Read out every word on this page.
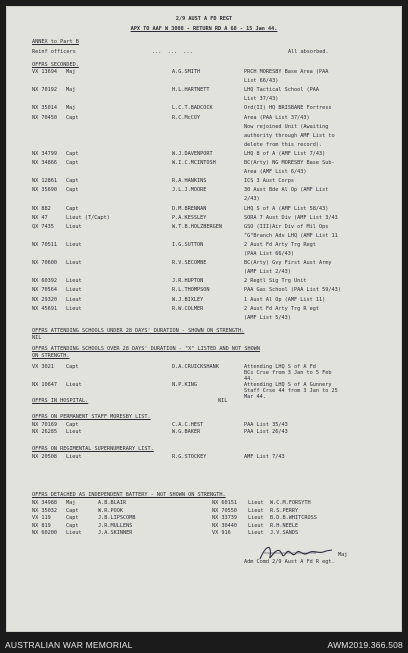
2/9 AUST A FD REGT
APX TO AAF W 3008 - RETURN RD A 68 - 15 Jan 44.
ANNEX to Part B
Reinf officers	...  ...  ...	All absorbed.
OFFRS SECONDED.
VX 13694 Maj	A.G.SMITH	PRCH MORESBY Base Area (PAA
List 66/43)
NX 70192 Maj	H.L.HARTNETT	LHQ Tactical School (PAA
List 37/43)
NX 35014 Maj	L.C.T.BADCOCK	Ord(II) HQ BRISBANE Fortress
NX 70450 Capt	R.C.McCOY	Area (PAA List 37/43)
Now rejoined Unit (Awaiting
authority through AMF List to
delete from this record).
NX 34799 Capt	W.J.DAVENPORT	LHQ 8 of A (AMF List 7/43)
NX 34866 Capt	W.I.C.MCINTOSH	BC(Arty) NG MORESBY Base Sub-
Area (AMF List 6/43)
NX 12861 Capt	R.A.HANKINS	ICS 3 Aust Corps
NX 35690 Capt	J.L.J.MOORE	30 Aust Bde Al Op (AMF List
2/43)
NX 882	Capt	D.M.BRENNAN	LHQ S of A (AMF List 58/43)
NX 47	Lieut (T/Capt)	P.A.KESSLEY	SORA 7 Aust Div (AMF List 3/43
QX 7435 Lieut	W.T.B.HOLZBERGEN	GSO (III)Air Div of Mil Ops
"G"Branch Adv LHQ (AMF List 11
NX 70511 Lieut	I.G.SUTTON	2 Aust Fd Arty Trg Regt
(PAA List 66/43)
NX 70600 Lieut	R.V.SECOMBE	BC(Arty) Gvy First Aust Army
(AMF List 2/43)
NX 60392 Lieut	J.R.HUPTON	2 Regtl Sig Trg Unit
NX 70564 Lieut	R.L.THOMPSON	PAA Gas School (PAA List 59/43)
NX 29320 Lieut	W.J.BIXLEY	1 Aust Al Op (AMF List 11)
NX 45691 Lieut	R.W.COLMER	2 Aust Fd Arty Trg R egt
(AMF List 5/43)
OFFRS ATTENDING SCHOOLS UNDER 28 DAYS' DURATION - SHOWN ON STRENGTH.
NIL
OFFRS ATTENDING SCHOOLS OVER 28 DAYS' DURATION - "X" LISTED AND NOT SHOWN
ON STRENGTH.
VX 3021 Capt	D.A.CRUICKSHANK	Attending LHQ S of A Fd
BCs Crse from 3 Jan to 5 Feb
44.
NX 10647 Lieut	N.P.KING	Attending LHQ S of A Gunnery
Staff Crse 44 from 3 Jan to 25
Mar 44.
OFFRS IN HOSPITAL.	NIL
OFFRS ON PERMANENT STAFF MORESBY LIST.
NX 70169 Capt	C.A.C.HEST	PAA List 35/43
NX 26285 Lieut	W.G.BAKER	PAA List 26/43
OFFRS ON REGIMENTAL SUPERNUMERARY LIST.
NX 20508 Lieut	R.G.STOCKEY	AMF List 7/43
OFFRS DETACHED AS INDEPENDENT BATTERY - NOT SHOWN ON STRENGTH.
NX 34988 Maj	A.B.BLAIR	NX 60151 Lieut W.C.M.FORSYTH
NX 35032 Capt	W.R.POOK	NX 70550 Lieut R.S.PERRY
VX 119	Capt	J.B.LIPSCOMB	NX 33739 Lieut B.D.B.WHITCROSS
NX 819	Capt	J.R.MULLENS	NX 30440 Lieut R.H.NEELE
NX 60200 Lieut	J.A.SKINNER	VX 916	Lieut J.V.SANDS
Maj
Adm Comd 2/9 Aust A Fd R egt.
AUSTRALIAN WAR MEMORIAL	AWM2019.366.508
